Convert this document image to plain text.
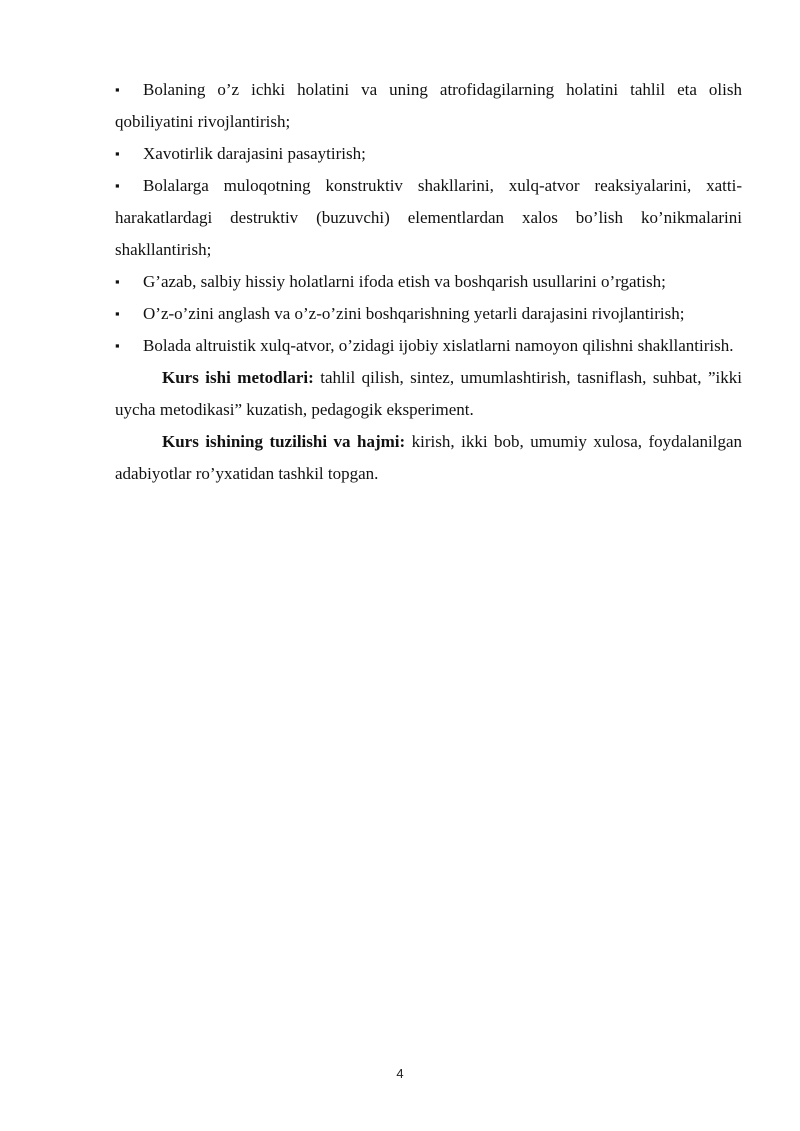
▪ Bolaning o’z ichki holatini va uning atrofidagilarning holatini tahlil eta olish qobiliyatini rivojlantirish;

▪ Xavotirlik darajasini pasaytirish;

▪ Bolalarga muloqotning konstruktiv shakllarini, xulq-atvor reaksiyalarini, xatti-harakatlardagi destruktiv (buzuvchi) elementlardan xalos bo’lish ko’nikmalarini shakllantirish;

▪ G’azab, salbiy hissiy holatlarni ifoda etish va boshqarish usullarini o’rgatish;

▪ O’z-o’zini anglash va o’z-o’zini boshqarishning yetarli darajasini rivojlantirish;

▪ Bolada altruistik xulq-atvor, o’zidagi ijobiy xislatlarni namoyon qilishni shakllantirish.

Kurs ishi metodlari: tahlil qilish, sintez, umumlashtirish, tasniflash, suhbat, ”ikki uycha metodikasi” kuzatish, pedagogik eksperiment.

Kurs ishining tuzilishi va hajmi: kirish, ikki bob, umumiy xulosa, foydalanilgan adabiyotlar ro’yxatidan tashkil topgan.

4
